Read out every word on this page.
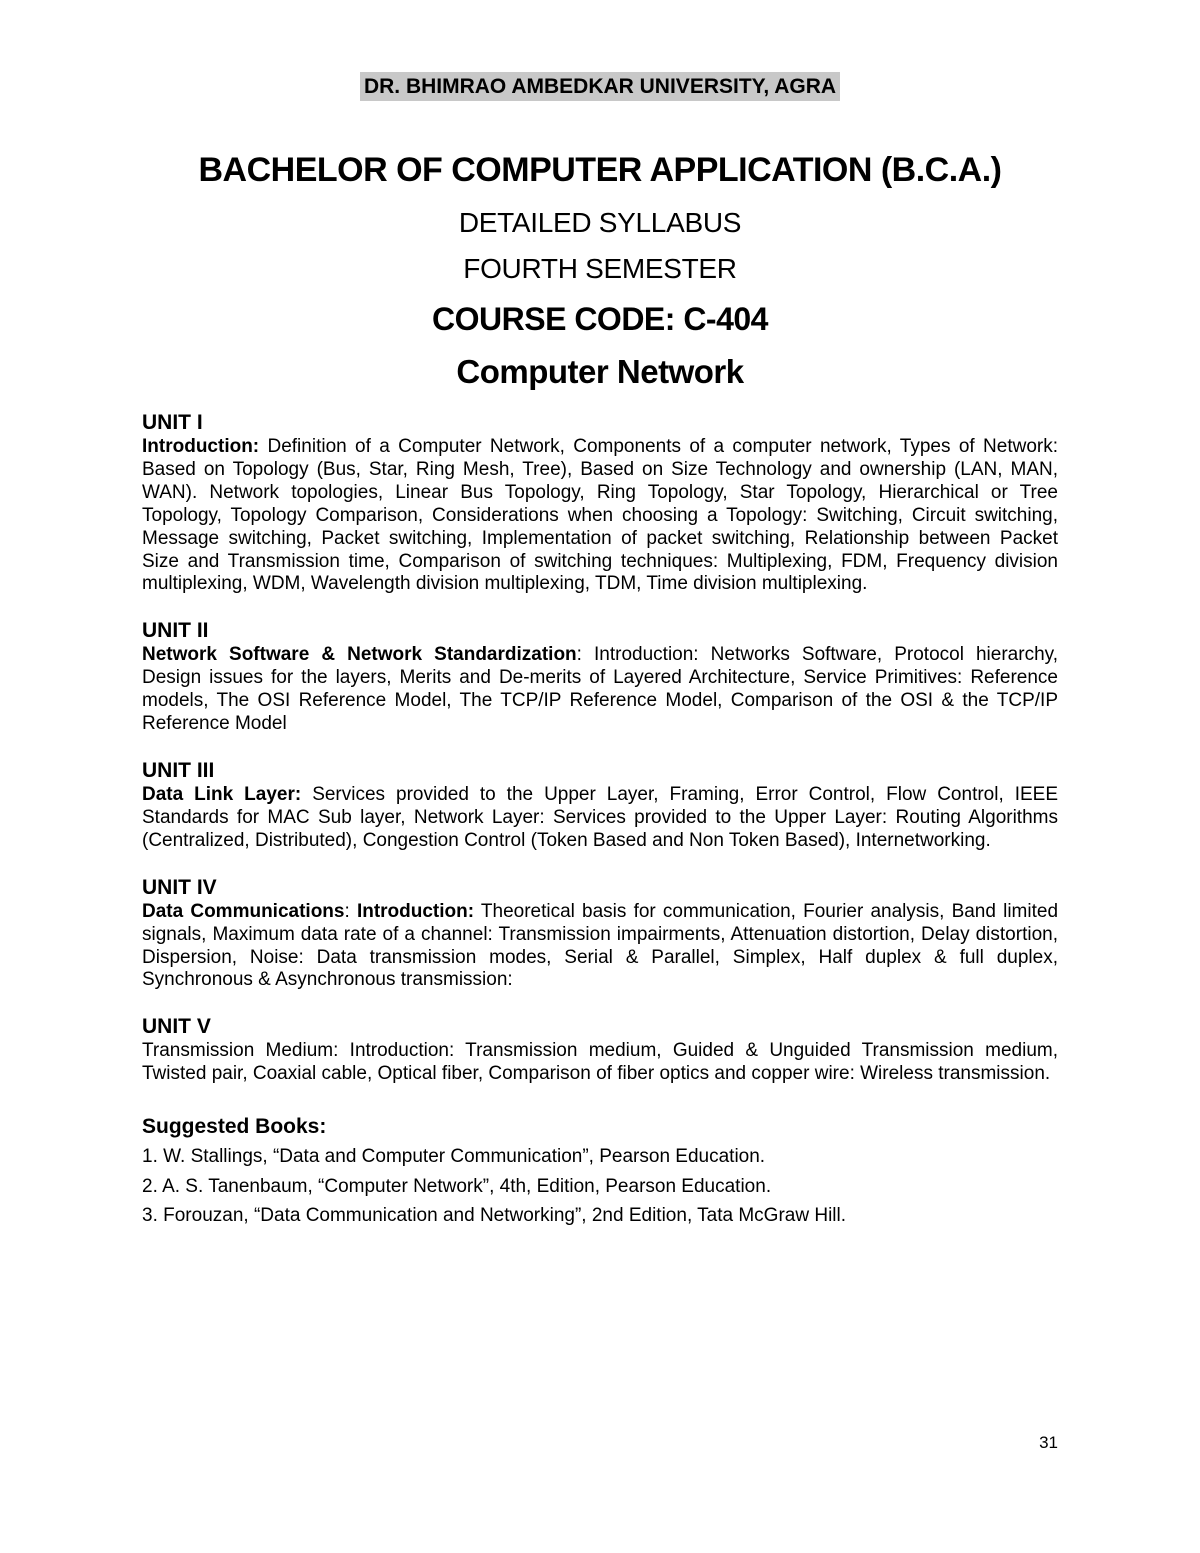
DR. BHIMRAO AMBEDKAR UNIVERSITY, AGRA
BACHELOR OF COMPUTER APPLICATION (B.C.A.)
DETAILED SYLLABUS
FOURTH SEMESTER
COURSE CODE: C-404
Computer Network
UNIT I
Introduction: Definition of a Computer Network, Components of a computer network, Types of Network: Based on Topology (Bus, Star, Ring Mesh, Tree), Based on Size Technology and ownership (LAN, MAN, WAN). Network topologies, Linear Bus Topology, Ring Topology, Star Topology, Hierarchical or Tree Topology, Topology Comparison, Considerations when choosing a Topology: Switching, Circuit switching, Message switching, Packet switching, Implementation of packet switching, Relationship between Packet Size and Transmission time, Comparison of switching techniques: Multiplexing, FDM, Frequency division multiplexing, WDM, Wavelength division multiplexing, TDM, Time division multiplexing.
UNIT II
Network Software & Network Standardization: Introduction: Networks Software, Protocol hierarchy, Design issues for the layers, Merits and De-merits of Layered Architecture, Service Primitives: Reference models, The OSI Reference Model, The TCP/IP Reference Model, Comparison of the OSI & the TCP/IP Reference Model
UNIT III
Data Link Layer: Services provided to the Upper Layer, Framing, Error Control, Flow Control, IEEE Standards for MAC Sub layer, Network Layer: Services provided to the Upper Layer: Routing Algorithms (Centralized, Distributed), Congestion Control (Token Based and Non Token Based), Internetworking.
UNIT IV
Data Communications: Introduction: Theoretical basis for communication, Fourier analysis, Band limited signals, Maximum data rate of a channel: Transmission impairments, Attenuation distortion, Delay distortion, Dispersion, Noise: Data transmission modes, Serial & Parallel, Simplex, Half duplex & full duplex, Synchronous & Asynchronous transmission:
UNIT V
Transmission Medium: Introduction: Transmission medium, Guided & Unguided Transmission medium, Twisted pair, Coaxial cable, Optical fiber, Comparison of fiber optics and copper wire: Wireless transmission.
Suggested Books:
1. W. Stallings, “Data and Computer Communication”, Pearson Education.
2. A. S. Tanenbaum, “Computer Network”, 4th, Edition, Pearson Education.
3. Forouzan, “Data Communication and Networking”, 2nd Edition, Tata McGraw Hill.
31
